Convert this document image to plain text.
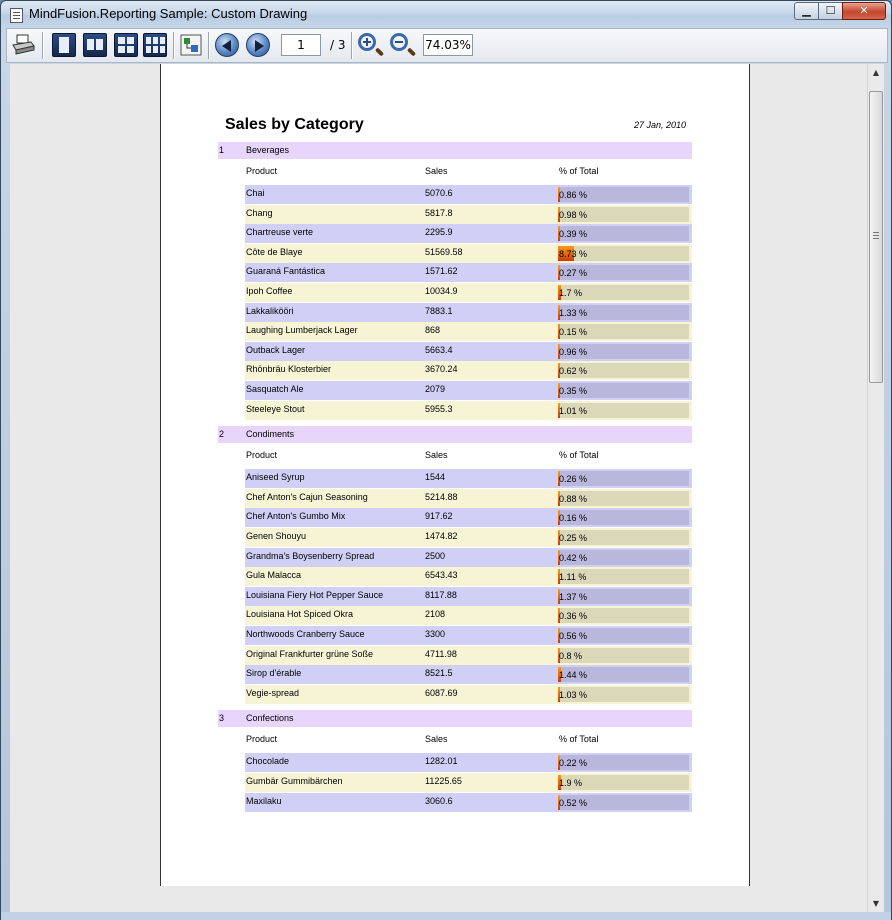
MindFusion.Reporting Sample: Custom Drawing	▁	☐	✕
1	/ 3	74.03%
Sales by Category	27 Jan, 2010
1 Beverages
Product	Sales	% of Total
Chai	5070.6	0.86 %
Chang	5817.8	0.98 %
Chartreuse verte	2295.9	0.39 %
Côte de Blaye	51569.58	8.73 %
Guaraná Fantástica	1571.62	0.27 %
Ipoh Coffee	10034.9	1.7 %
Lakkalikööri	7883.1	1.33 %
Laughing Lumberjack Lager	868	0.15 %
Outback Lager	5663.4	0.96 %
Rhönbräu Klosterbier	3670.24	0.62 %
Sasquatch Ale	2079	0.35 %
Steeleye Stout	5955.3	1.01 %
2 Condiments
Product	Sales	% of Total
Aniseed Syrup	1544	0.26 %
Chef Anton's Cajun Seasoning	5214.88	0.88 %
Chef Anton's Gumbo Mix	917.62	0.16 %
Genen Shouyu	1474.82	0.25 %
Grandma's Boysenberry Spread	2500	0.42 %
Gula Malacca	6543.43	1.11 %
Louisiana Fiery Hot Pepper Sauce	8117.88	1.37 %
Louisiana Hot Spiced Okra	2108	0.36 %
Northwoods Cranberry Sauce	3300	0.56 %
Original Frankfurter grüne Soße	4711.98	0.8 %
Sirop d'érable	8521.5	1.44 %
Vegie-spread	6087.69	1.03 %
3 Confections
Product	Sales	% of Total
Chocolade	1282.01	0.22 %
Gumbär Gummibärchen	11225.65	1.9 %
Maxilaku	3060.6	0.52 %
▲
▼
